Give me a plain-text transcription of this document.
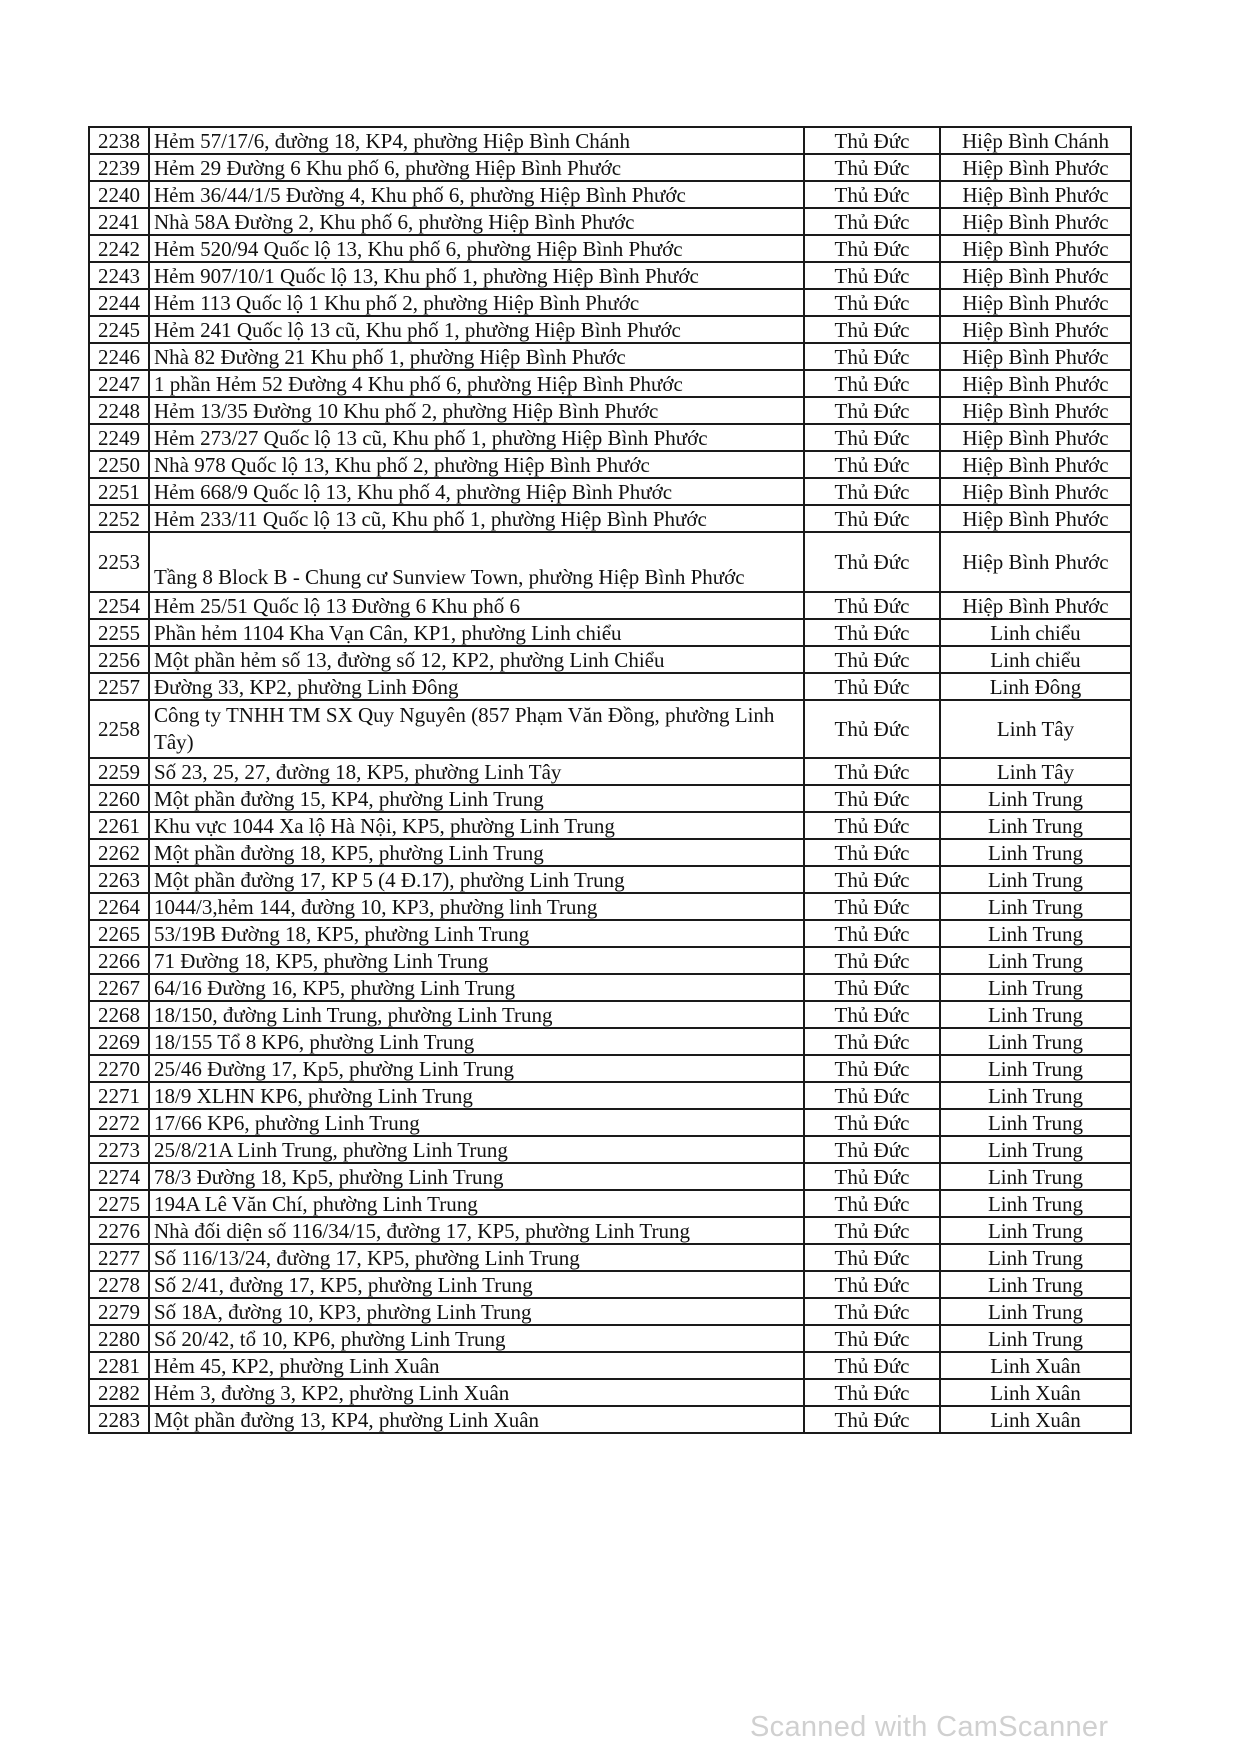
2238	Hẻm 57/17/6, đường 18, KP4, phường Hiệp Bình Chánh	Thủ Đức	Hiệp Bình Chánh
2239	Hẻm 29 Đường 6 Khu phố 6, phường Hiệp Bình Phước	Thủ Đức	Hiệp Bình Phước
2240	Hẻm 36/44/1/5 Đường 4, Khu phố 6, phường Hiệp Bình Phước	Thủ Đức	Hiệp Bình Phước
2241	Nhà 58A Đường 2, Khu phố 6, phường Hiệp Bình Phước	Thủ Đức	Hiệp Bình Phước
2242	Hẻm 520/94 Quốc lộ 13, Khu phố 6, phường Hiệp Bình Phước	Thủ Đức	Hiệp Bình Phước
2243	Hẻm 907/10/1 Quốc lộ 13, Khu phố 1, phường Hiệp Bình Phước	Thủ Đức	Hiệp Bình Phước
2244	Hẻm 113 Quốc lộ 1 Khu phố 2, phường Hiệp Bình Phước	Thủ Đức	Hiệp Bình Phước
2245	Hẻm 241 Quốc lộ 13 cũ, Khu phố 1, phường Hiệp Bình Phước	Thủ Đức	Hiệp Bình Phước
2246	Nhà 82 Đường 21 Khu phố 1, phường Hiệp Bình Phước	Thủ Đức	Hiệp Bình Phước
2247	1 phần Hẻm 52 Đường 4 Khu phố 6, phường Hiệp Bình Phước	Thủ Đức	Hiệp Bình Phước
2248	Hẻm 13/35 Đường 10 Khu phố 2, phường Hiệp Bình Phước	Thủ Đức	Hiệp Bình Phước
2249	Hẻm 273/27 Quốc lộ 13 cũ, Khu phố 1, phường Hiệp Bình Phước	Thủ Đức	Hiệp Bình Phước
2250	Nhà 978 Quốc lộ 13, Khu phố 2, phường Hiệp Bình Phước	Thủ Đức	Hiệp Bình Phước
2251	Hẻm 668/9 Quốc lộ 13, Khu phố 4, phường Hiệp Bình Phước	Thủ Đức	Hiệp Bình Phước
2252	Hẻm 233/11 Quốc lộ 13 cũ, Khu phố 1, phường Hiệp Bình Phước	Thủ Đức	Hiệp Bình Phước
2253	Tầng 8 Block B - Chung cư Sunview Town, phường Hiệp Bình Phước	Thủ Đức	Hiệp Bình Phước
2254	Hẻm 25/51 Quốc lộ 13 Đường 6 Khu phố 6	Thủ Đức	Hiệp Bình Phước
2255	Phần hẻm 1104 Kha Vạn Cân, KP1, phường Linh chiểu	Thủ Đức	Linh chiểu
2256	Một phần hẻm số 13, đường số 12, KP2, phường Linh Chiểu	Thủ Đức	Linh chiểu
2257	Đường 33, KP2, phường Linh Đông	Thủ Đức	Linh Đông
2258	Công ty TNHH TM SX Quy Nguyên (857 Phạm Văn Đồng, phường Linh Tây)	Thủ Đức	Linh Tây
2259	Số 23, 25, 27, đường 18, KP5, phường Linh Tây	Thủ Đức	Linh Tây
2260	Một phần đường 15, KP4, phường Linh Trung	Thủ Đức	Linh Trung
2261	Khu vực 1044 Xa lộ Hà Nội, KP5, phường Linh Trung	Thủ Đức	Linh Trung
2262	Một phần đường 18, KP5, phường Linh Trung	Thủ Đức	Linh Trung
2263	Một phần đường 17, KP 5 (4 Đ.17), phường Linh Trung	Thủ Đức	Linh Trung
2264	1044/3,hẻm 144, đường 10, KP3, phường linh Trung	Thủ Đức	Linh Trung
2265	53/19B Đường 18, KP5, phường Linh Trung	Thủ Đức	Linh Trung
2266	71 Đường 18, KP5, phường Linh Trung	Thủ Đức	Linh Trung
2267	64/16 Đường 16, KP5, phường Linh Trung	Thủ Đức	Linh Trung
2268	18/150, đường Linh Trung, phường Linh Trung	Thủ Đức	Linh Trung
2269	18/155 Tổ 8 KP6, phường Linh Trung	Thủ Đức	Linh Trung
2270	25/46 Đường 17, Kp5, phường Linh Trung	Thủ Đức	Linh Trung
2271	18/9 XLHN KP6, phường Linh Trung	Thủ Đức	Linh Trung
2272	17/66 KP6, phường Linh Trung	Thủ Đức	Linh Trung
2273	25/8/21A Linh Trung, phường Linh Trung	Thủ Đức	Linh Trung
2274	78/3 Đường 18, Kp5, phường Linh Trung	Thủ Đức	Linh Trung
2275	194A Lê Văn Chí, phường Linh Trung	Thủ Đức	Linh Trung
2276	Nhà đối diện số 116/34/15, đường 17, KP5, phường Linh Trung	Thủ Đức	Linh Trung
2277	Số 116/13/24, đường 17, KP5, phường Linh Trung	Thủ Đức	Linh Trung
2278	Số 2/41, đường 17, KP5, phường Linh Trung	Thủ Đức	Linh Trung
2279	Số 18A, đường 10, KP3, phường Linh Trung	Thủ Đức	Linh Trung
2280	Số 20/42, tổ 10, KP6, phường Linh Trung	Thủ Đức	Linh Trung
2281	Hẻm 45, KP2, phường Linh Xuân	Thủ Đức	Linh Xuân
2282	Hẻm 3, đường 3, KP2, phường Linh Xuân	Thủ Đức	Linh Xuân
2283	Một phần đường 13, KP4, phường Linh Xuân	Thủ Đức	Linh Xuân
Scanned with CamScanner
